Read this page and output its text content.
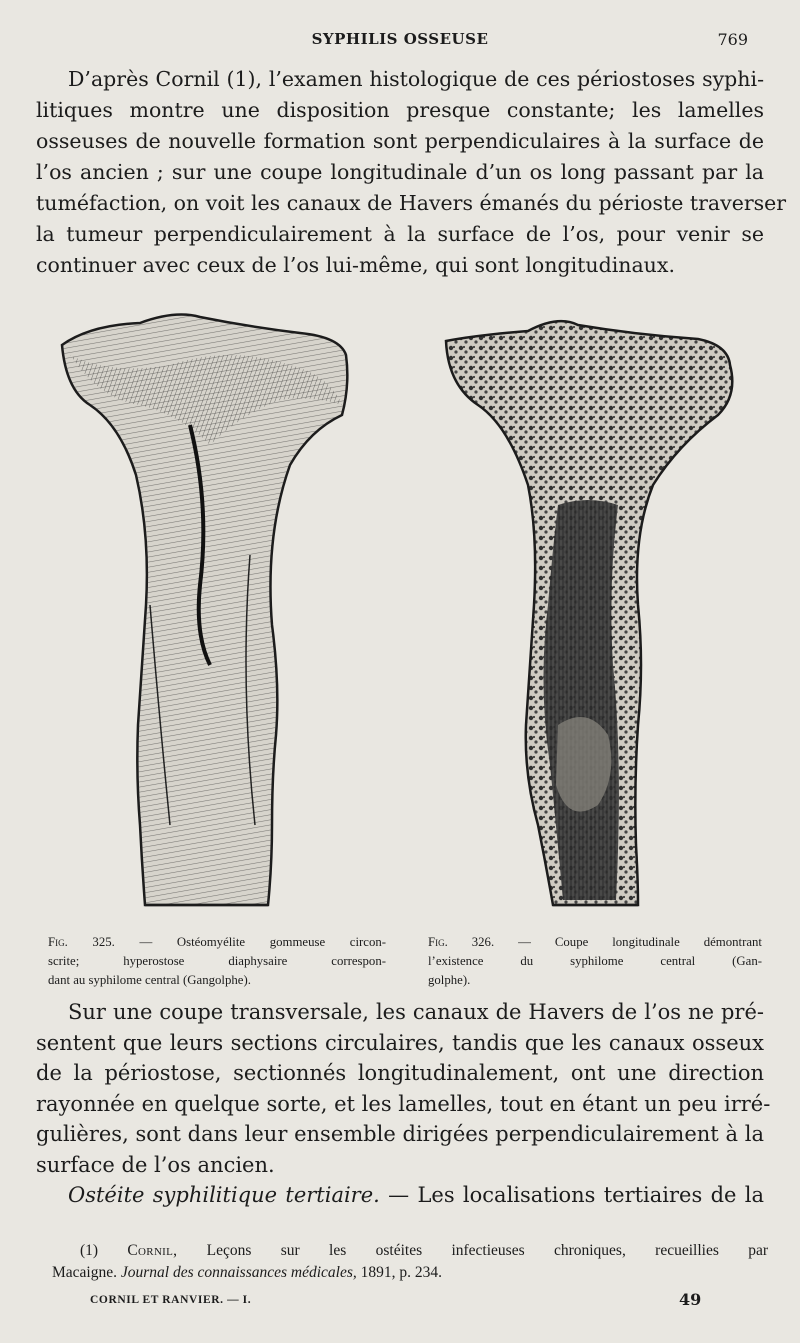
SYPHILIS OSSEUSE	769

D’après Cornil (1), l’examen histologique de ces périostoses syphi-
litiques montre une disposition presque constante; les lamelles
osseuses de nouvelle formation sont perpendiculaires à la surface de
l’os ancien ; sur une coupe longitudinale d’un os long passant par la
tuméfaction, on voit les canaux de Havers émanés du périoste traverser
la tumeur perpendiculairement à la surface de l’os, pour venir se
continuer avec ceux de l’os lui-même, qui sont longitudinaux.

Fig. 325. — Ostéomyélite gommeuse circon-
scrite; hyperostose diaphysaire correspon-
dant au syphilome central (Gangolphe).
Fig. 326. — Coupe longitudinale démontrant
l’existence du syphilome central (Gan-
golphe).

Sur une coupe transversale, les canaux de Havers de l’os ne pré-
sentent que leurs sections circulaires, tandis que les canaux osseux
de la périostose, sectionnés longitudinalement, ont une direction
rayonnée en quelque sorte, et les lamelles, tout en étant un peu irré-
gulières, sont dans leur ensemble dirigées perpendiculairement à la
surface de l’os ancien.

Ostéite syphilitique tertiaire. — Les localisations tertiaires de la

(1) Cornil, Leçons sur les ostéites infectieuses chroniques, recueillies par
Macaigne. Journal des connaissances médicales, 1891, p. 234.
CORNIL ET RANVIER. — I.	49
